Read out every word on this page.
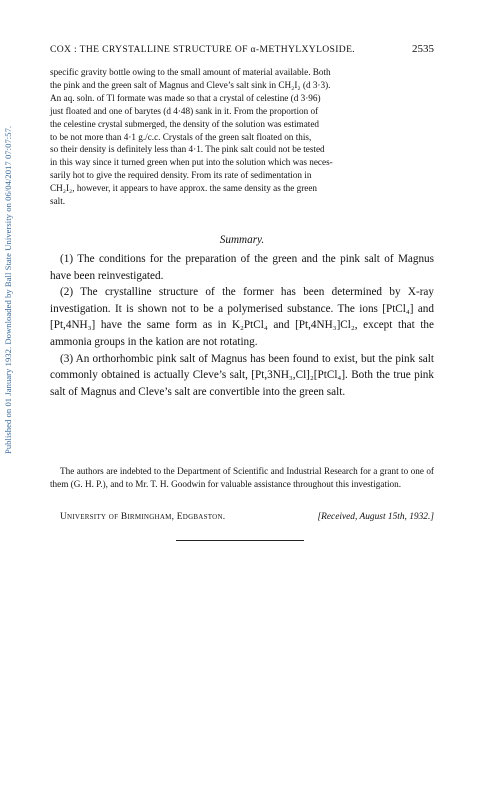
Published on 01 January 1932. Downloaded by Ball State University on 06/04/2017 07:07:57.
COX : THE CRYSTALLINE STRUCTURE OF α-METHYLXYLOSIDE.	2535
specific gravity bottle owing to the small amount of material available. Both
the pink and the green salt of Magnus and Cleve’s salt sink in CH₂I₂ (d 3·3).
An aq. soln. of Tl formate was made so that a crystal of celestine (d 3·96)
just floated and one of barytes (d 4·48) sank in it. From the proportion of
the celestine crystal submerged, the density of the solution was estimated
to be not more than 4·1 g./c.c. Crystals of the green salt floated on this,
so their density is definitely less than 4·1. The pink salt could not be tested
in this way since it turned green when put into the solution which was neces-
sarily hot to give the required density. From its rate of sedimentation in
CH₂I₂, however, it appears to have approx. the same density as the green
salt.
Summary.

(1) The conditions for the preparation of the green and the pink salt of Magnus have been reinvestigated.

(2) The crystalline structure of the former has been determined by X-ray investigation. It is shown not to be a polymerised substance. The ions [PtCl₄] and [Pt,4NH₃] have the same form as in K₂PtCl₄ and [Pt,4NH₃]Cl₂, except that the ammonia groups in the kation are not rotating.

(3) An orthorhombic pink salt of Magnus has been found to exist, but the pink salt commonly obtained is actually Cleve’s salt, [Pt,3NH₃,Cl]₂[PtCl₄]. Both the true pink salt of Magnus and Cleve’s salt are convertible into the green salt.

The authors are indebted to the Department of Scientific and Industrial Research for a grant to one of them (G. H. P.), and to Mr. T. H. Goodwin for valuable assistance throughout this investigation.

University of Birmingham, Edgbaston.	[Received, August 15th, 1932.]
